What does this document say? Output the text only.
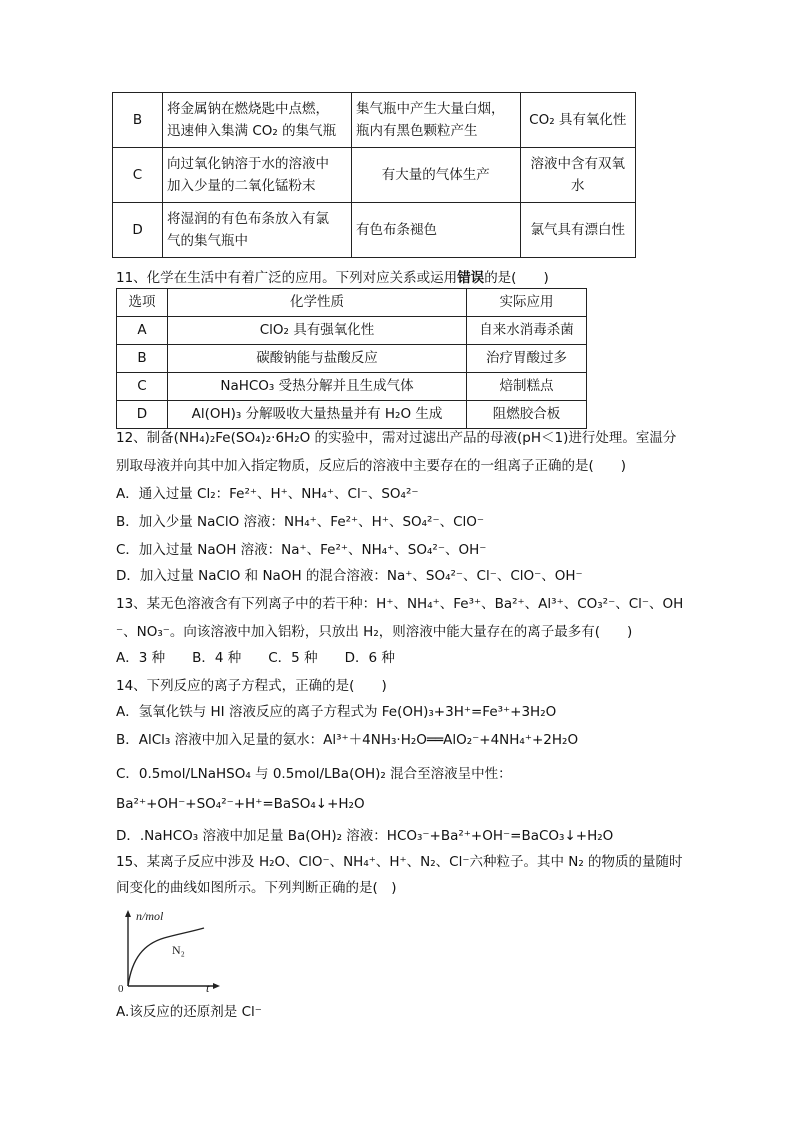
B	将金属钠在燃烧匙中点燃，
迅速伸入集满 CO₂ 的集气瓶	集气瓶中产生大量白烟，
瓶内有黑色颗粒产生	CO₂ 具有氧化性
C	向过氧化钠溶于水的溶液中
加入少量的二氧化锰粉末	有大量的气体生产	溶液中含有双氧
水
D	将湿润的有色布条放入有氯
气的集气瓶中	有色布条褪色	氯气具有漂白性
11、化学在生活中有着广泛的应用。下列对应关系或运用错误的是(　　)
选项	化学性质	实际应用
A	ClO₂ 具有强氧化性	自来水消毒杀菌
B	碳酸钠能与盐酸反应	治疗胃酸过多
C	NaHCO₃ 受热分解并且生成气体	焙制糕点
D	Al(OH)₃ 分解吸收大量热量并有 H₂O 生成	阻燃胶合板
12、制备(NH₄)₂Fe(SO₄)₂·6H₂O 的实验中，需对过滤出产品的母液(pH＜1)进行处理。室温分
别取母液并向其中加入指定物质，反应后的溶液中主要存在的一组离子正确的是(　　)
A．通入过量 Cl₂：Fe²⁺、H⁺、NH₄⁺、Cl⁻、SO₄²⁻
B．加入少量 NaClO 溶液：NH₄⁺、Fe²⁺、H⁺、SO₄²⁻、ClO⁻
C．加入过量 NaOH 溶液：Na⁺、Fe²⁺、NH₄⁺、SO₄²⁻、OH⁻
D．加入过量 NaClO 和 NaOH 的混合溶液：Na⁺、SO₄²⁻、Cl⁻、ClO⁻、OH⁻
13、某无色溶液含有下列离子中的若干种：H⁺、NH₄⁺、Fe³⁺、Ba²⁺、Al³⁺、CO₃²⁻、Cl⁻、OH
⁻、NO₃⁻。向该溶液中加入铝粉，只放出 H₂，则溶液中能大量存在的离子最多有(　　)
A．3 种　　B．4 种　　C．5 种　　D．6 种
14、下列反应的离子方程式，正确的是(　　)
A．氢氧化铁与 HI 溶液反应的离子方程式为 Fe(OH)₃+3H⁺=Fe³⁺+3H₂O
B．AlCl₃ 溶液中加入足量的氨水：Al³⁺＋4NH₃·H₂O══AlO₂⁻+4NH₄⁺+2H₂O
C．0.5mol/LNaHSO₄ 与 0.5mol/LBa(OH)₂ 混合至溶液呈中性：
Ba²⁺+OH⁻+SO₄²⁻+H⁺=BaSO₄↓+H₂O
D．.NaHCO₃ 溶液中加足量 Ba(OH)₂ 溶液：HCO₃⁻+Ba²⁺+OH⁻=BaCO₃↓+H₂O
15、某离子反应中涉及 H₂O、ClO⁻、NH₄⁺、H⁺、N₂、Cl⁻六种粒子。其中 N₂ 的物质的量随时
间变化的曲线如图所示。下列判断正确的是(　)
n/mol
N₂
0	t
A.该反应的还原剂是 Cl⁻
